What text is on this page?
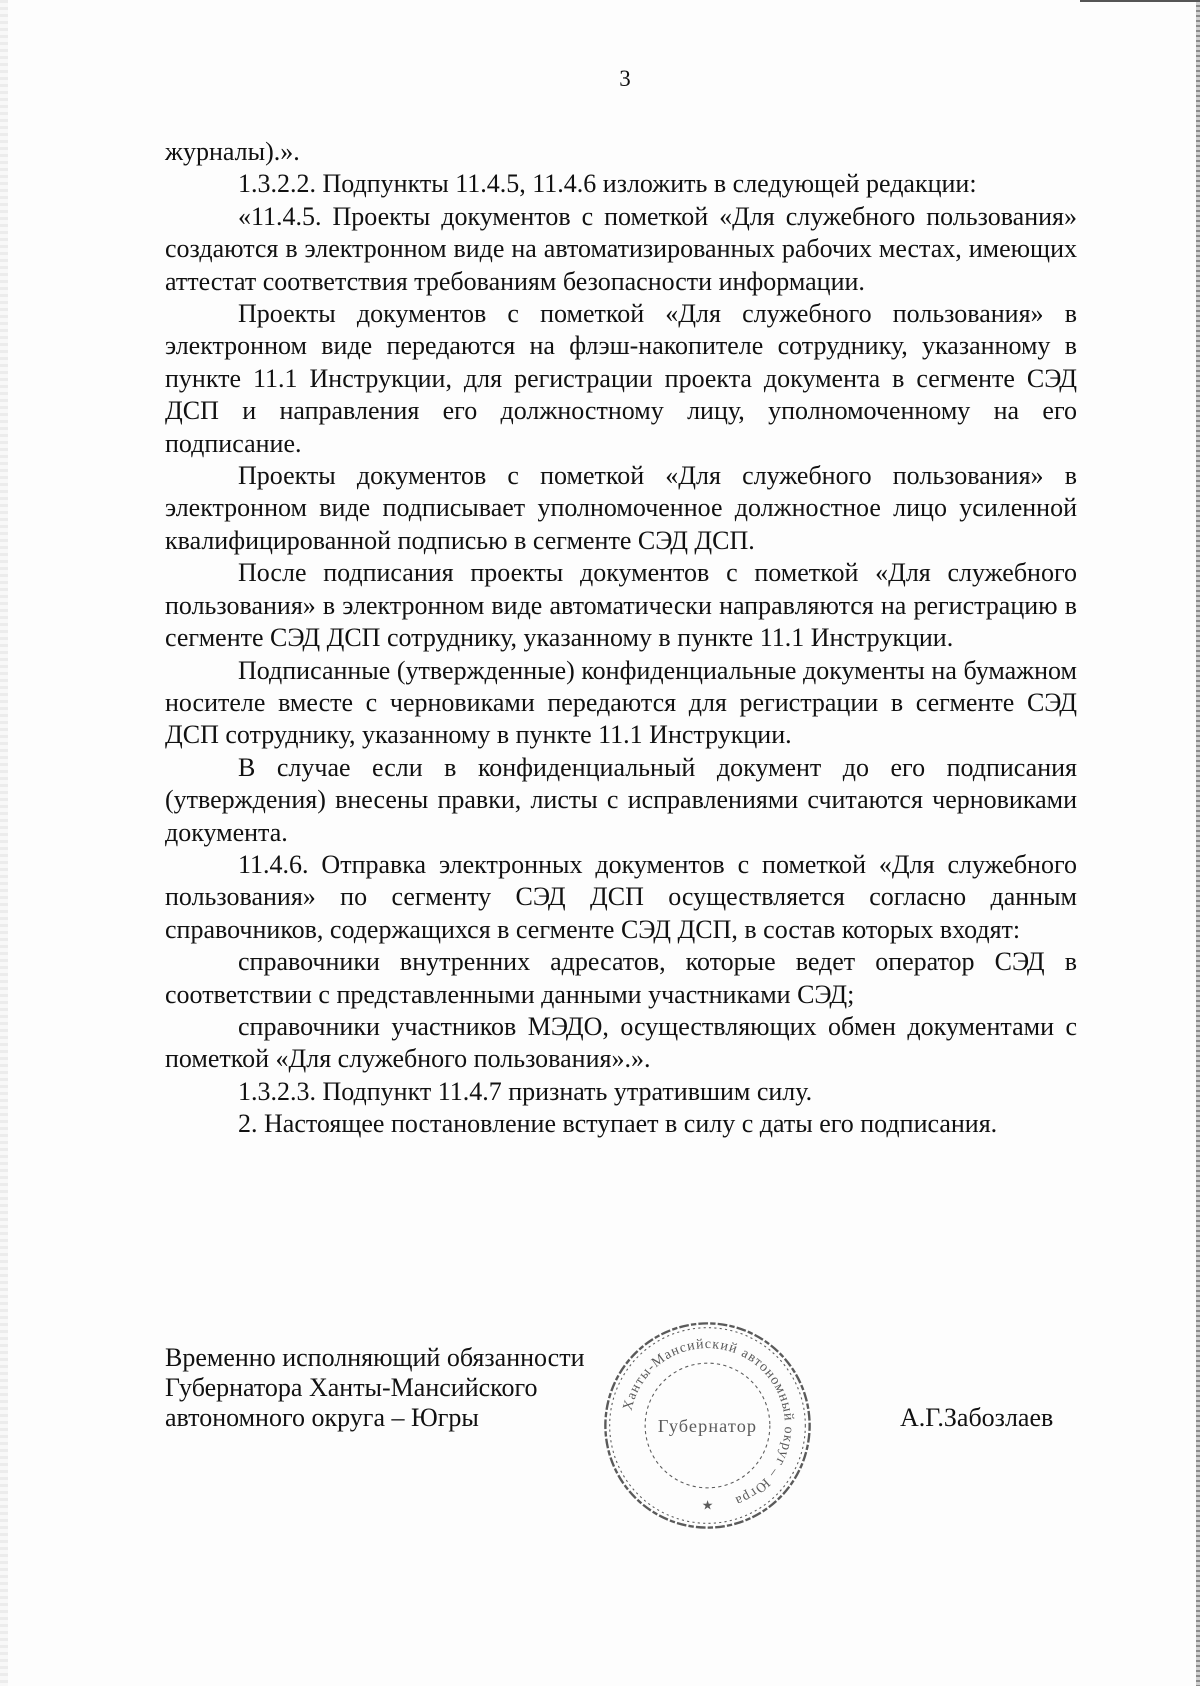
3

журналы).».

1.3.2.2. Подпункты 11.4.5, 11.4.6 изложить в следующей редакции:

«11.4.5. Проекты документов с пометкой «Для служебного пользования» создаются в электронном виде на автоматизированных рабочих местах, имеющих аттестат соответствия требованиям безопасности информации.

Проекты документов с пометкой «Для служебного пользования» в электронном виде передаются на флэш-накопителе сотруднику, указанному в пункте 11.1 Инструкции, для регистрации проекта документа в сегменте СЭД ДСП и направления его должностному лицу, уполномоченному на его подписание.

Проекты документов с пометкой «Для служебного пользования» в электронном виде подписывает уполномоченное должностное лицо усиленной квалифицированной подписью в сегменте СЭД ДСП.

После подписания проекты документов с пометкой «Для служебного пользования» в электронном виде автоматически направляются на регистрацию в сегменте СЭД ДСП сотруднику, указанному в пункте 11.1 Инструкции.

Подписанные (утвержденные) конфиденциальные документы на бумажном носителе вместе с черновиками передаются для регистрации в сегменте СЭД ДСП сотруднику, указанному в пункте 11.1 Инструкции.

В случае если в конфиденциальный документ до его подписания (утверждения) внесены правки, листы с исправлениями считаются черновиками документа.

11.4.6. Отправка электронных документов с пометкой «Для служебного пользования» по сегменту СЭД ДСП осуществляется согласно данным справочников, содержащихся в сегменте СЭД ДСП, в состав которых входят:

справочники внутренних адресатов, которые ведет оператор СЭД в соответствии с представленными данными участниками СЭД;

справочники участников МЭДО, осуществляющих обмен документами с пометкой «Для служебного пользования».».

1.3.2.3. Подпункт 11.4.7 признать утратившим силу.

2. Настоящее постановление вступает в силу с даты его подписания.

Временно исполняющий обязанности
Губернатора Ханты-Мансийского
автономного округа – Югры	Ханты-Мансийский автономный округ – Югра
Губернатор
★
А.Г.Забозлаев
